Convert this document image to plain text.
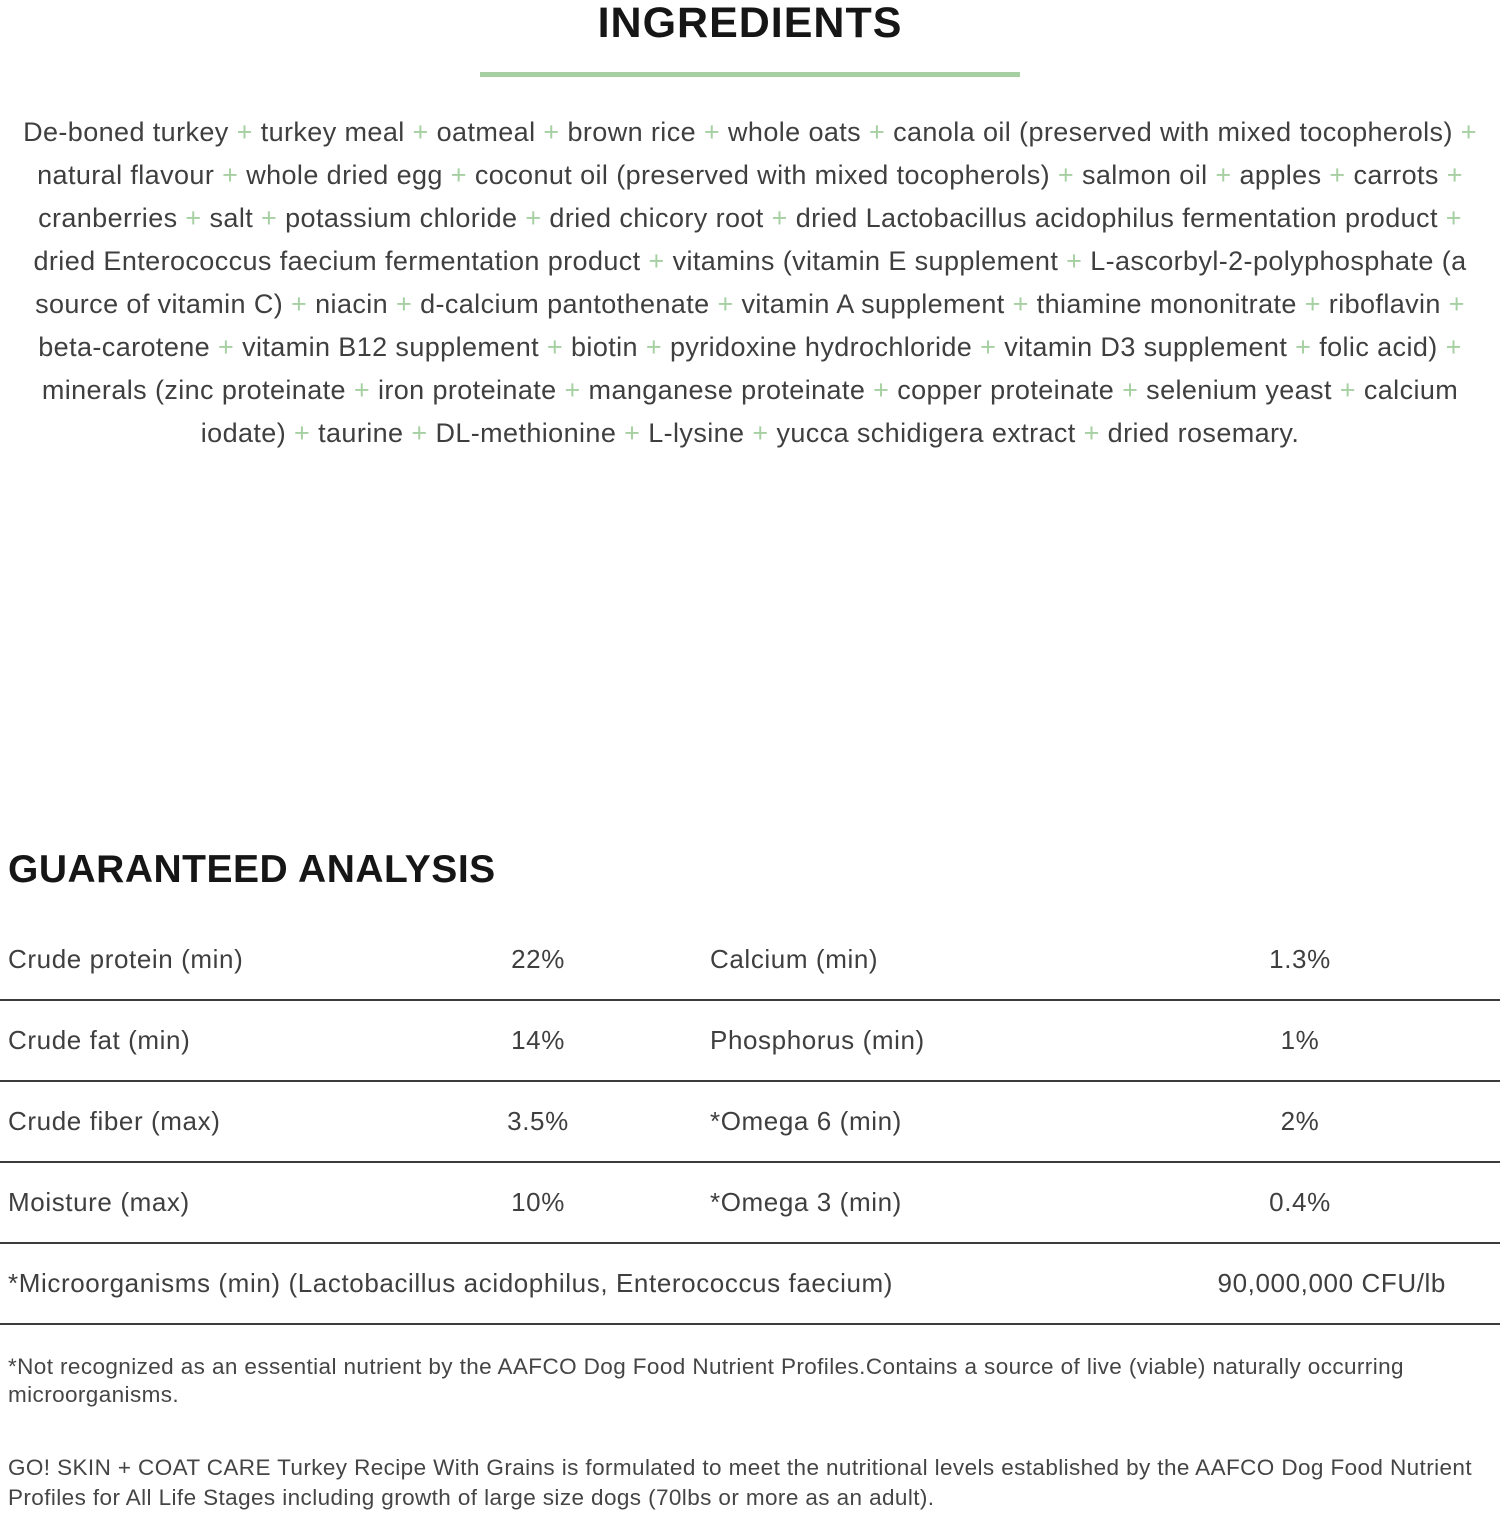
INGREDIENTS

De-boned turkey + turkey meal + oatmeal + brown rice + whole oats + canola oil (preserved with mixed tocopherols) + natural flavour + whole dried egg + coconut oil (preserved with mixed tocopherols) + salmon oil + apples + carrots + cranberries + salt + potassium chloride + dried chicory root + dried Lactobacillus acidophilus fermentation product + dried Enterococcus faecium fermentation product + vitamins (vitamin E supplement + L-ascorbyl-2-polyphosphate (a source of vitamin C) + niacin + d-calcium pantothenate + vitamin A supplement + thiamine mononitrate + riboflavin + beta-carotene + vitamin B12 supplement + biotin + pyridoxine hydrochloride + vitamin D3 supplement + folic acid) + minerals (zinc proteinate + iron proteinate + manganese proteinate + copper proteinate + selenium yeast + calcium iodate) + taurine + DL-methionine + L-lysine + yucca schidigera extract + dried rosemary.

GUARANTEED ANALYSIS
Crude protein (min)	22%	Calcium (min)	1.3%
Crude fat (min)	14%	Phosphorus (min)	1%
Crude fiber (max)	3.5%	*Omega 6 (min)	2%
Moisture (max)	10%	*Omega 3 (min)	0.4%
*Microorganisms (min) (Lactobacillus acidophilus, Enterococcus faecium)	90,000,000 CFU/lb

*Not recognized as an essential nutrient by the AAFCO Dog Food Nutrient Profiles.Contains a source of live (viable) naturally occurring microorganisms.

GO! SKIN + COAT CARE Turkey Recipe With Grains is formulated to meet the nutritional levels established by the AAFCO Dog Food Nutrient Profiles for All Life Stages including growth of large size dogs (70lbs or more as an adult).
